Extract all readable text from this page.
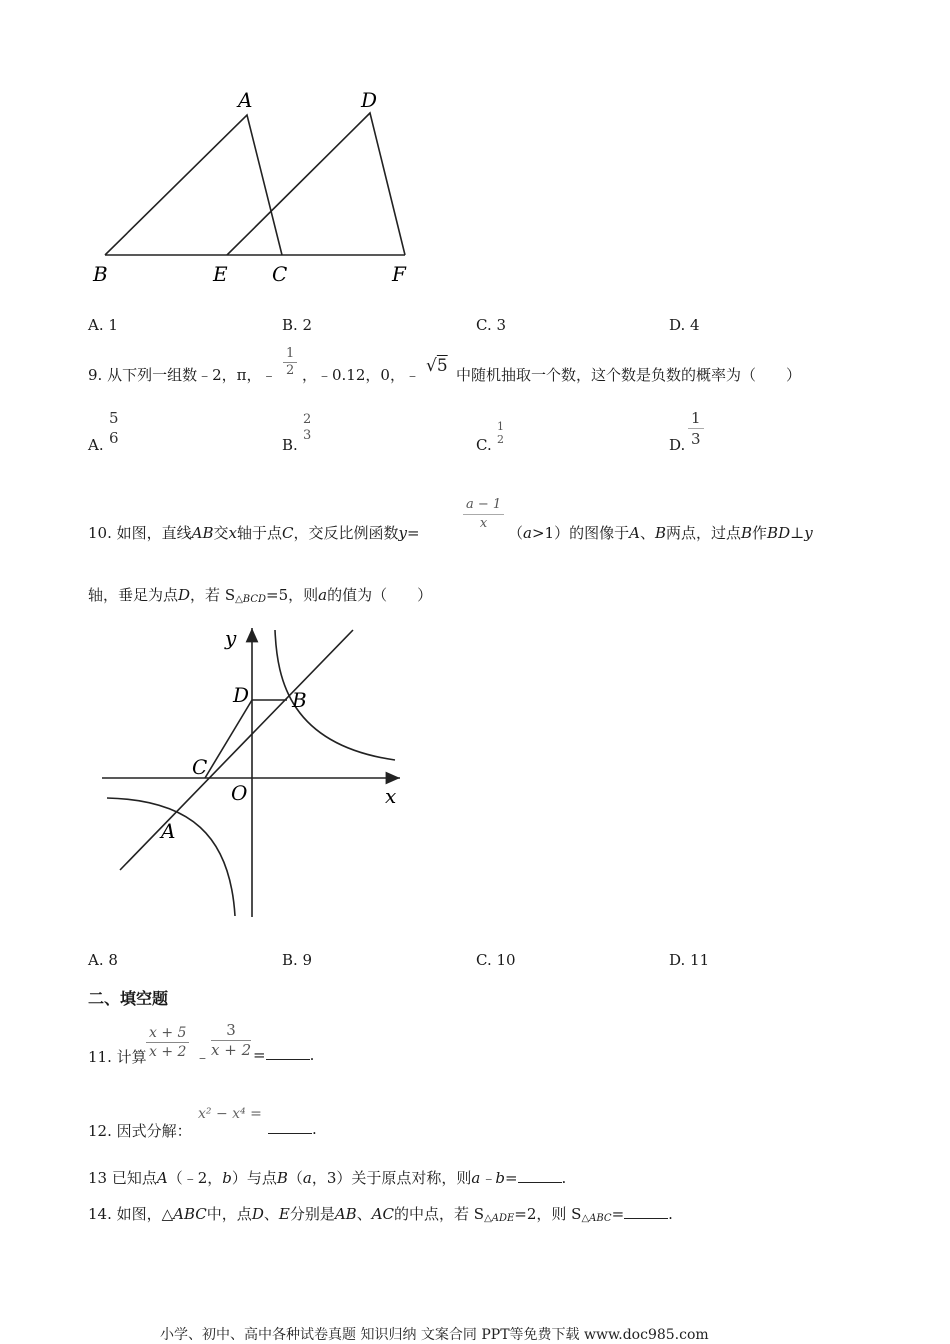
A	D
B	E C	F
A. 1	B. 2	C. 3	D. 4
9. 从下列一组数﹣2，π，﹣ $\frac{1}{2}$ ，﹣0.12，0，﹣ √5 中随机抽取一个数，这个数是负数的概率为（　　）
A.
5
6	B.
2
3
C.
1
2	D. $\frac{1}{3}$
10. 如图，直线AB交x轴于点C，交反比例函数y=	$\frac{a - 1}{x} (a>1)$的图像于A、B两点，过点B作BD⊥y
轴，垂足为点D，若 $S_{\triangle BCD}=5$，则a的值为（　　）
y
D B
C
O	x
A
A. 8	B. 9	C. 10	D. 11
二、填空题
11. 计算 $\frac{x + 5}{x + 2}$ ﹣ $\frac{3}{x + 2}$ =	.
12. 因式分解：
x² − x⁴ =
.
13 已知点A（﹣2，b）与点B（a，3）关于原点对称，则a﹣b=	.
14. 如图，△ABC中，点D、E分别是AB、AC的中点，若 $S_{\triangle ADE}=2$，则 $S_{\triangle ABC}=$	.
小学、初中、高中各种试卷真题 知识归纳 文案合同 PPT等免费下载 www.doc985.com
